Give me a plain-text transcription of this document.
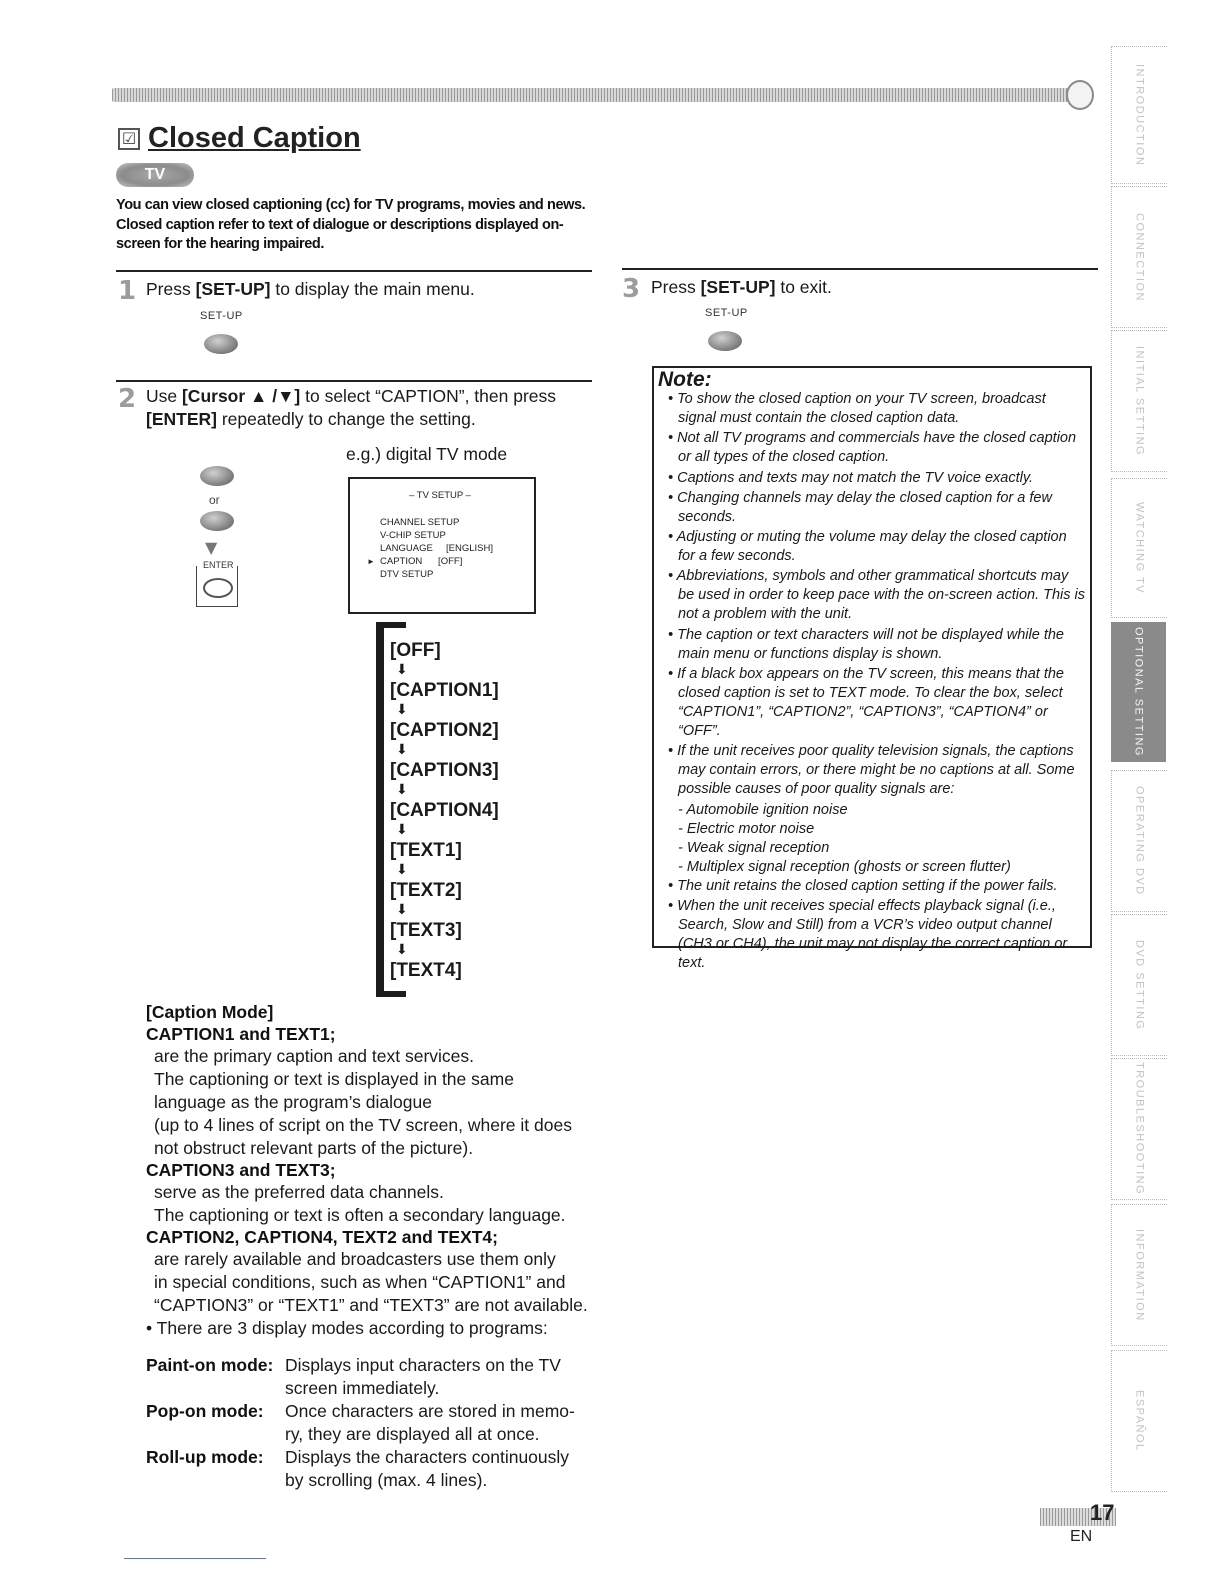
☑ Closed Caption
TV
You can view closed captioning (cc) for TV programs, movies and news. Closed caption refer to text of dialogue or descriptions displayed on-screen for the hearing impaired.
1 Press [SET-UP] to display the main menu.
SET-UP
2 Use [Cursor ▲ /▼] to select “CAPTION”, then press
[ENTER] repeatedly to change the setting.
e.g.) digital TV mode
or
▼
ENTER
– TV SETUP –
CHANNEL SETUP
V-CHIP SETUP
LANGUAGE     [ENGLISH]
► CAPTION      [OFF]
DTV SETUP
[OFF]
⬇
[CAPTION1]
⬇
[CAPTION2]
⬇
[CAPTION3]
⬇
[CAPTION4]
⬇
[TEXT1]
⬇
[TEXT2]
⬇
[TEXT3]
⬇
[TEXT4]
[Caption Mode]
CAPTION1 and TEXT1;
are the primary caption and text services.
The captioning or text is displayed in the same
language as the program’s dialogue
(up to 4 lines of script on the TV screen, where it does
not obstruct relevant parts of the picture).
CAPTION3 and TEXT3;
serve as the preferred data channels.
The captioning or text is often a secondary language.
CAPTION2, CAPTION4, TEXT2 and TEXT4;
are rarely available and broadcasters use them only
in special conditions, such as when “CAPTION1” and
“CAPTION3” or “TEXT1” and “TEXT3” are not available.
• There are 3 display modes according to programs:
Paint-on mode: Displays input characters on the TV
screen immediately.
Pop-on mode:	Once characters are stored in memo-
ry, they are displayed all at once.
Roll-up mode:	Displays the characters continuously
by scrolling (max. 4 lines).
3 Press [SET-UP] to exit.
SET-UP
Note:
• To show the closed caption on your TV screen, broadcast signal must contain the closed caption data.
• Not all TV programs and commercials have the closed caption or all types of the closed caption.
• Captions and texts may not match the TV voice exactly.
• Changing channels may delay the closed caption for a few seconds.
• Adjusting or muting the volume may delay the closed caption for a few seconds.
• Abbreviations, symbols and other grammatical shortcuts may be used in order to keep pace with the on-screen action. This is not a problem with the unit.
• The caption or text characters will not be displayed while the main menu or functions display is shown.
• If a black box appears on the TV screen, this means that the closed caption is set to TEXT mode. To clear the box, select “CAPTION1”, “CAPTION2”, “CAPTION3”, “CAPTION4” or “OFF”.
• If the unit receives poor quality television signals, the captions may contain errors, or there might be no captions at all. Some possible causes of poor quality signals are:
- Automobile ignition noise
- Electric motor noise
- Weak signal reception
- Multiplex signal reception (ghosts or screen flutter)
• The unit retains the closed caption setting if the power fails.
• When the unit receives special effects playback signal (i.e., Search, Slow and Still) from a VCR’s video output channel (CH3 or CH4), the unit may not display the correct caption or text.
INTRODUCTION
CONNECTION
INITIAL SETTING
WATCHING TV
OPTIONAL SETTING
OPERATING DVD
DVD SETTING
TROUBLESHOOTING
INFORMATION
ESPAÑOL
17
EN
